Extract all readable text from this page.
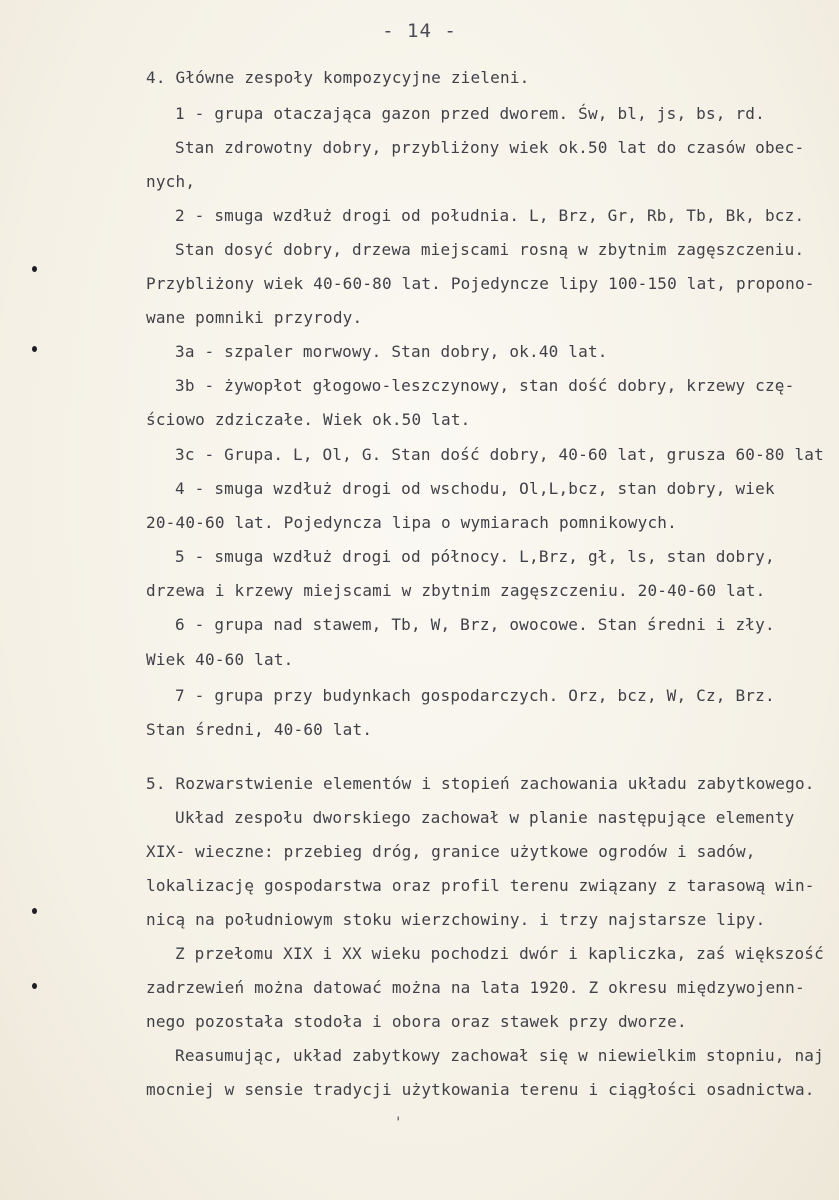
- 14 -
4. Główne zespoły kompozycyjne zieleni.
1 - grupa otaczająca gazon przed dworem. Św, bl, js, bs, rd.
Stan zdrowotny dobry, przybliżony wiek ok.50 lat do czasów obec-
nych,
2 - smuga wzdłuż drogi od południa. L, Brz, Gr, Rb, Tb, Bk, bcz.
Stan dosyć dobry, drzewa miejscami rosną w zbytnim zagęszczeniu.
Przybliżony wiek 40-60-80 lat. Pojedyncze lipy 100-150 lat, propono-
wane pomniki przyrody.
3a - szpaler morwowy. Stan dobry, ok.40 lat.
3b - żywopłot głogowo-leszczynowy, stan dość dobry, krzewy czę-
ściowo zdziczałe. Wiek ok.50 lat.
3c - Grupa. L, Ol, G. Stan dość dobry, 40-60 lat, grusza 60-80 lat
4 - smuga wzdłuż drogi od wschodu, Ol,L,bcz, stan dobry, wiek
20-40-60 lat. Pojedyncza lipa o wymiarach pomnikowych.
5 - smuga wzdłuż drogi od północy. L,Brz, gł, ls, stan dobry,
drzewa i krzewy miejscami w zbytnim zagęszczeniu. 20-40-60 lat.
6 - grupa nad stawem, Tb, W, Brz, owocowe. Stan średni i zły.
Wiek 40-60 lat.
7 - grupa przy budynkach gospodarczych. Orz, bcz, W, Cz, Brz.
Stan średni, 40-60 lat.
5. Rozwarstwienie elementów i stopień zachowania układu zabytkowego.
Układ zespołu dworskiego zachował w planie następujące elementy
XIX- wieczne: przebieg dróg, granice użytkowe ogrodów i sadów,
lokalizację gospodarstwa oraz profil terenu związany z tarasową win-
nicą na południowym stoku wierzchowiny. i trzy najstarsze lipy.
Z przełomu XIX i XX wieku pochodzi dwór i kapliczka, zaś większość
zadrzewień można datować można na lata 1920. Z okresu międzywojenn-
nego pozostała stodoła i obora oraz stawek przy dworze.
Reasumując, układ zabytkowy zachował się w niewielkim stopniu, naj
mocniej w sensie tradycji użytkowania terenu i ciągłości osadnictwa.
'
